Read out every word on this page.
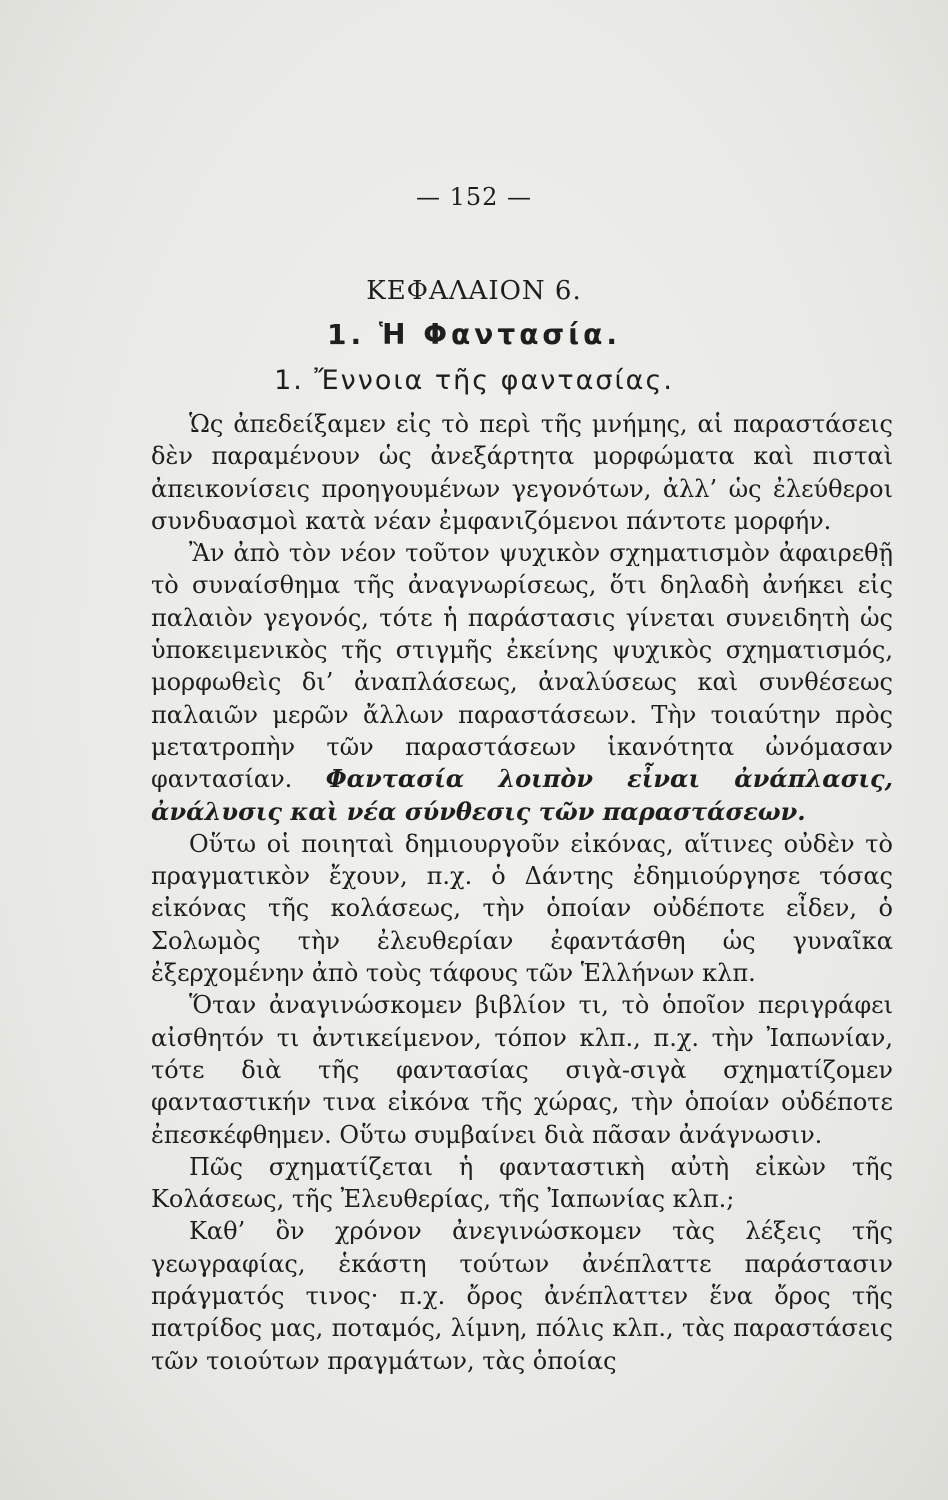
— 152 —
ΚΕΦΑΛΑΙΟΝ 6.
1. Ἡ Φαντασία.
1. Ἔννοια τῆς φαντασίας.

Ὡς ἀπεδείξαμεν εἰς τὸ περὶ τῆς μνήμης, αἱ παραστάσεις δὲν παραμένουν ὡς ἀνεξάρτητα μορφώματα καὶ πισταὶ ἀπεικονίσεις προηγουμένων γεγονότων, ἀλλ’ ὡς ἐλεύθεροι συνδυασμοὶ κατὰ νέαν ἐμφανιζόμενοι πάντοτε μορφήν.

Ἂν ἀπὸ τὸν νέον τοῦτον ψυχικὸν σχηματισμὸν ἀφαιρεθῇ τὸ συναίσθημα τῆς ἀναγνωρίσεως, ὅτι δηλαδὴ ἀνήκει εἰς παλαιὸν γεγονός, τότε ἡ παράστασις γίνεται συνειδητὴ ὡς ὑποκειμενικὸς τῆς στιγμῆς ἐκείνης ψυχικὸς σχηματισμός, μορφωθεὶς δι’ ἀναπλάσεως, ἀναλύσεως καὶ συνθέσεως παλαιῶν μερῶν ἄλλων παραστάσεων. Τὴν τοιαύτην πρὸς μετατροπὴν τῶν παραστάσεων ἱκανότητα ὠνόμασαν φαντασίαν. Φαντασία λοιπὸν εἶναι ἀνάπλασις, ἀνάλυσις καὶ νέα σύνθεσις τῶν παραστάσεων.

Οὕτω οἱ ποιηταὶ δημιουργοῦν εἰκόνας, αἵτινες οὐδὲν τὸ πραγματικὸν ἔχουν, π.χ. ὁ Δάντης ἐδημιούργησε τόσας εἰκόνας τῆς κολάσεως, τὴν ὁποίαν οὐδέποτε εἶδεν, ὁ Σολωμὸς τὴν ἐλευθερίαν ἐφαντάσθη ὡς γυναῖκα ἐξερχομένην ἀπὸ τοὺς τάφους τῶν Ἑλλήνων κλπ.

Ὅταν ἀναγινώσκομεν βιβλίον τι, τὸ ὁποῖον περιγράφει αἰσθητόν τι ἀντικείμενον, τόπον κλπ., π.χ. τὴν Ἰαπωνίαν, τότε διὰ τῆς φαντασίας σιγὰ-σιγὰ σχηματίζομεν φανταστικήν τινα εἰκόνα τῆς χώρας, τὴν ὁποίαν οὐδέποτε ἐπεσκέφθημεν. Οὕτω συμβαίνει διὰ πᾶσαν ἀνάγνωσιν.

Πῶς σχηματίζεται ἡ φανταστικὴ αὐτὴ εἰκὼν τῆς Κολάσεως, τῆς Ἐλευθερίας, τῆς Ἰαπωνίας κλπ.;

Καθ’ ὃν χρόνον ἀνεγινώσκομεν τὰς λέξεις τῆς γεωγραφίας, ἑκάστη τούτων ἀνέπλαττε παράστασιν πράγματός τινος· π.χ. ὄρος ἀνέπλαττεν ἕνα ὄρος τῆς πατρίδος μας, ποταμός, λίμνη, πόλις κλπ., τὰς παραστάσεις τῶν τοιούτων πραγμάτων, τὰς ὁποίας
